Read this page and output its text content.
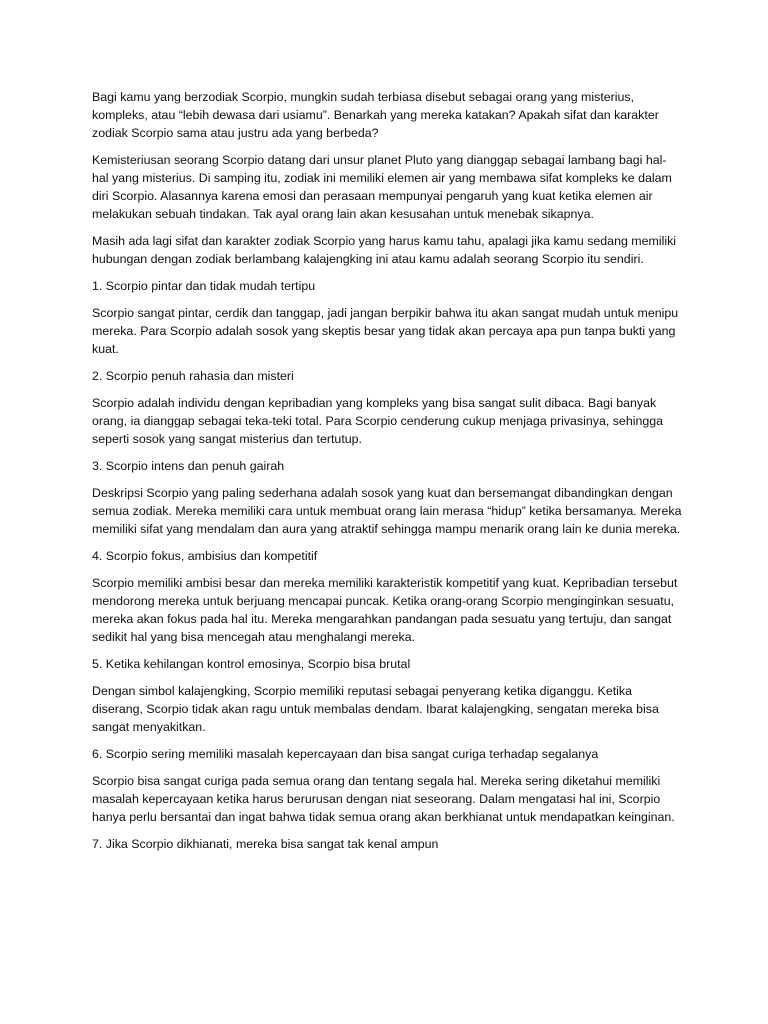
Bagi kamu yang berzodiak Scorpio, mungkin sudah terbiasa disebut sebagai orang yang misterius, kompleks, atau “lebih dewasa dari usiamu”. Benarkah yang mereka katakan? Apakah sifat dan karakter zodiak Scorpio sama atau justru ada yang berbeda?

Kemisteriusan seorang Scorpio datang dari unsur planet Pluto yang dianggap sebagai lambang bagi hal-hal yang misterius. Di samping itu, zodiak ini memiliki elemen air yang membawa sifat kompleks ke dalam diri Scorpio. Alasannya karena emosi dan perasaan mempunyai pengaruh yang kuat ketika elemen air melakukan sebuah tindakan. Tak ayal orang lain akan kesusahan untuk menebak sikapnya.

Masih ada lagi sifat dan karakter zodiak Scorpio yang harus kamu tahu, apalagi jika kamu sedang memiliki hubungan dengan zodiak berlambang kalajengking ini atau kamu adalah seorang Scorpio itu sendiri.

1. Scorpio pintar dan tidak mudah tertipu

Scorpio sangat pintar, cerdik dan tanggap, jadi jangan berpikir bahwa itu akan sangat mudah untuk menipu mereka. Para Scorpio adalah sosok yang skeptis besar yang tidak akan percaya apa pun tanpa bukti yang kuat.

2. Scorpio penuh rahasia dan misteri

Scorpio adalah individu dengan kepribadian yang kompleks yang bisa sangat sulit dibaca. Bagi banyak orang, ia dianggap sebagai teka-teki total. Para Scorpio cenderung cukup menjaga privasinya, sehingga seperti sosok yang sangat misterius dan tertutup.

3. Scorpio intens dan penuh gairah

Deskripsi Scorpio yang paling sederhana adalah sosok yang kuat dan bersemangat dibandingkan dengan semua zodiak. Mereka memiliki cara untuk membuat orang lain merasa “hidup” ketika bersamanya. Mereka memiliki sifat yang mendalam dan aura yang atraktif sehingga mampu menarik orang lain ke dunia mereka.

4. Scorpio fokus, ambisius dan kompetitif

Scorpio memiliki ambisi besar dan mereka memiliki karakteristik kompetitif yang kuat. Kepribadian tersebut mendorong mereka untuk berjuang mencapai puncak. Ketika orang-orang Scorpio menginginkan sesuatu, mereka akan fokus pada hal itu. Mereka mengarahkan pandangan pada sesuatu yang tertuju, dan sangat sedikit hal yang bisa mencegah atau menghalangi mereka.

5. Ketika kehilangan kontrol emosinya, Scorpio bisa brutal

Dengan simbol kalajengking, Scorpio memiliki reputasi sebagai penyerang ketika diganggu. Ketika diserang, Scorpio tidak akan ragu untuk membalas dendam. Ibarat kalajengking, sengatan mereka bisa sangat menyakitkan.

6. Scorpio sering memiliki masalah kepercayaan dan bisa sangat curiga terhadap segalanya

Scorpio bisa sangat curiga pada semua orang dan tentang segala hal. Mereka sering diketahui memiliki masalah kepercayaan ketika harus berurusan dengan niat seseorang. Dalam mengatasi hal ini, Scorpio hanya perlu bersantai dan ingat bahwa tidak semua orang akan berkhianat untuk mendapatkan keinginan.

7. Jika Scorpio dikhianati, mereka bisa sangat tak kenal ampun
